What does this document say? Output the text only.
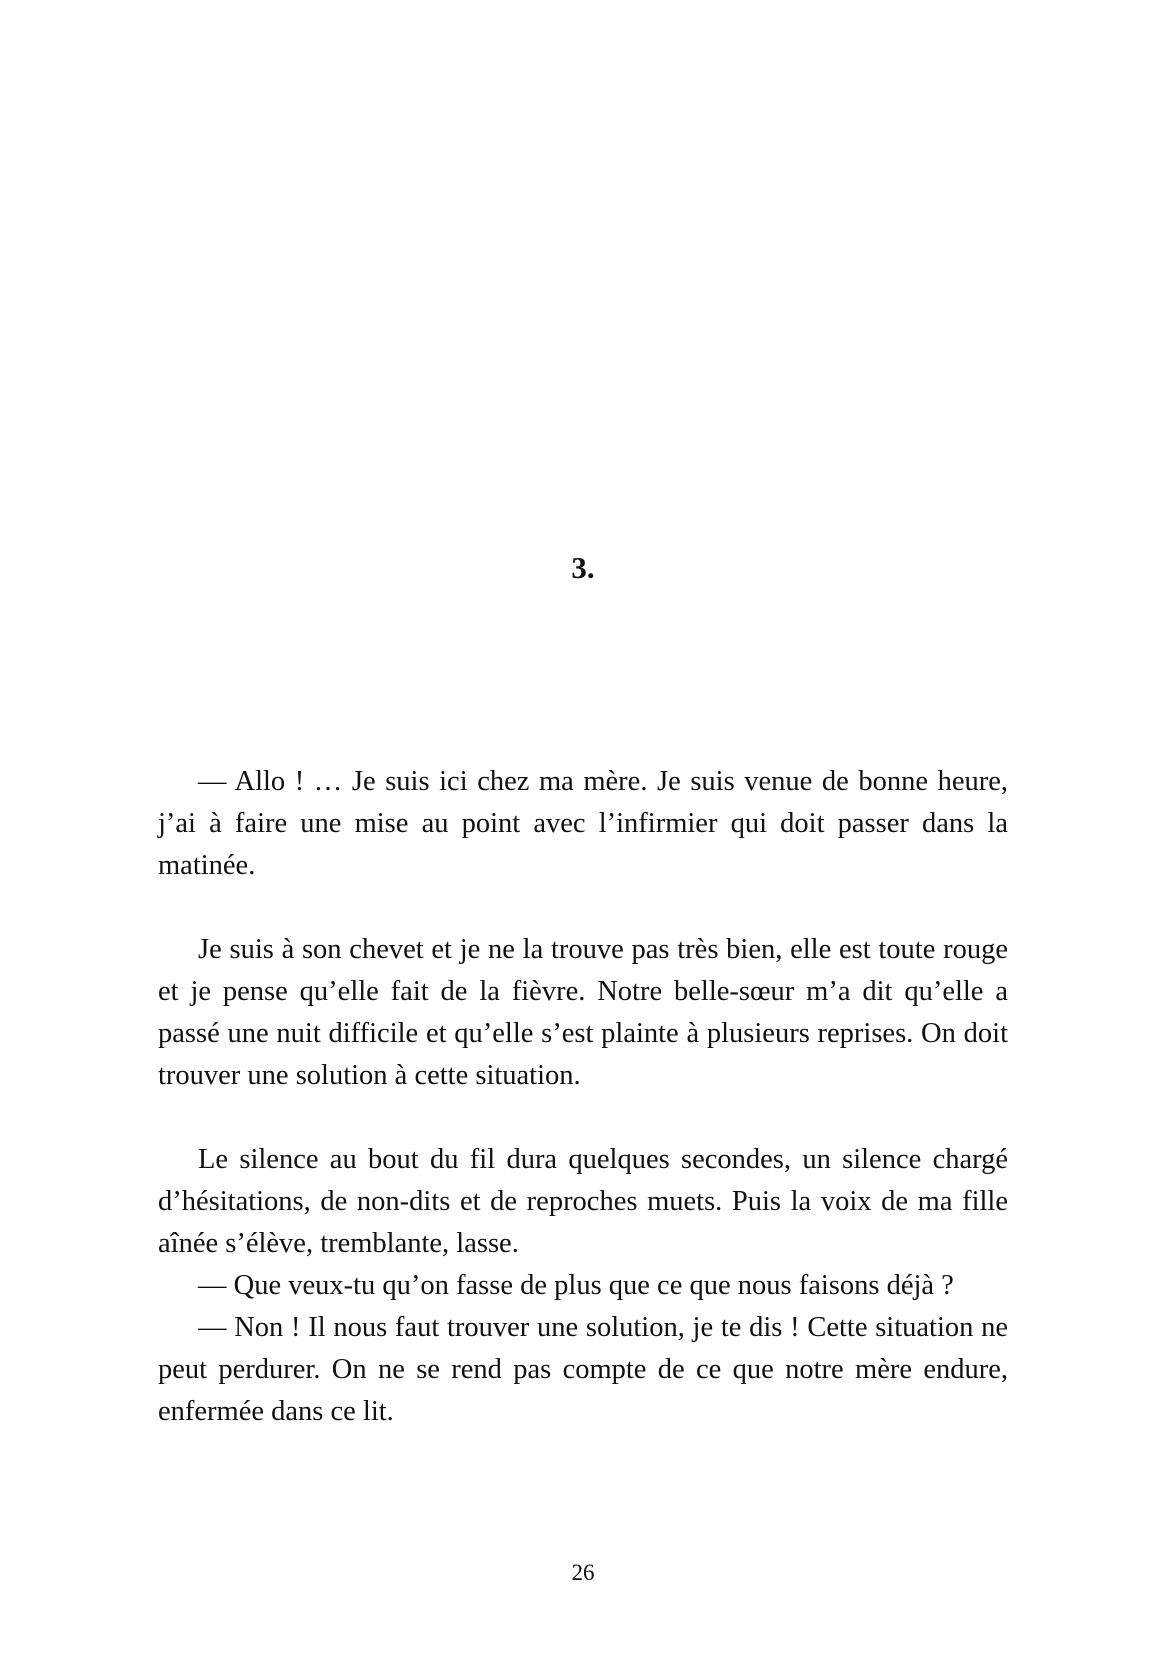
3.

— Allo ! … Je suis ici chez ma mère. Je suis venue de bonne heure, j’ai à faire une mise au point avec l’infirmier qui doit passer dans la matinée.

Je suis à son chevet et je ne la trouve pas très bien, elle est toute rouge et je pense qu’elle fait de la fièvre. Notre belle-sœur m’a dit qu’elle a passé une nuit difficile et qu’elle s’est plainte à plusieurs reprises. On doit trouver une solution à cette situation.

Le silence au bout du fil dura quelques secondes, un silence chargé d’hésitations, de non-dits et de reproches muets. Puis la voix de ma fille aînée s’élève, tremblante, lasse.

— Que veux-tu qu’on fasse de plus que ce que nous faisons déjà ?

— Non ! Il nous faut trouver une solution, je te dis ! Cette situation ne peut perdurer. On ne se rend pas compte de ce que notre mère endure, enfermée dans ce lit.

26
